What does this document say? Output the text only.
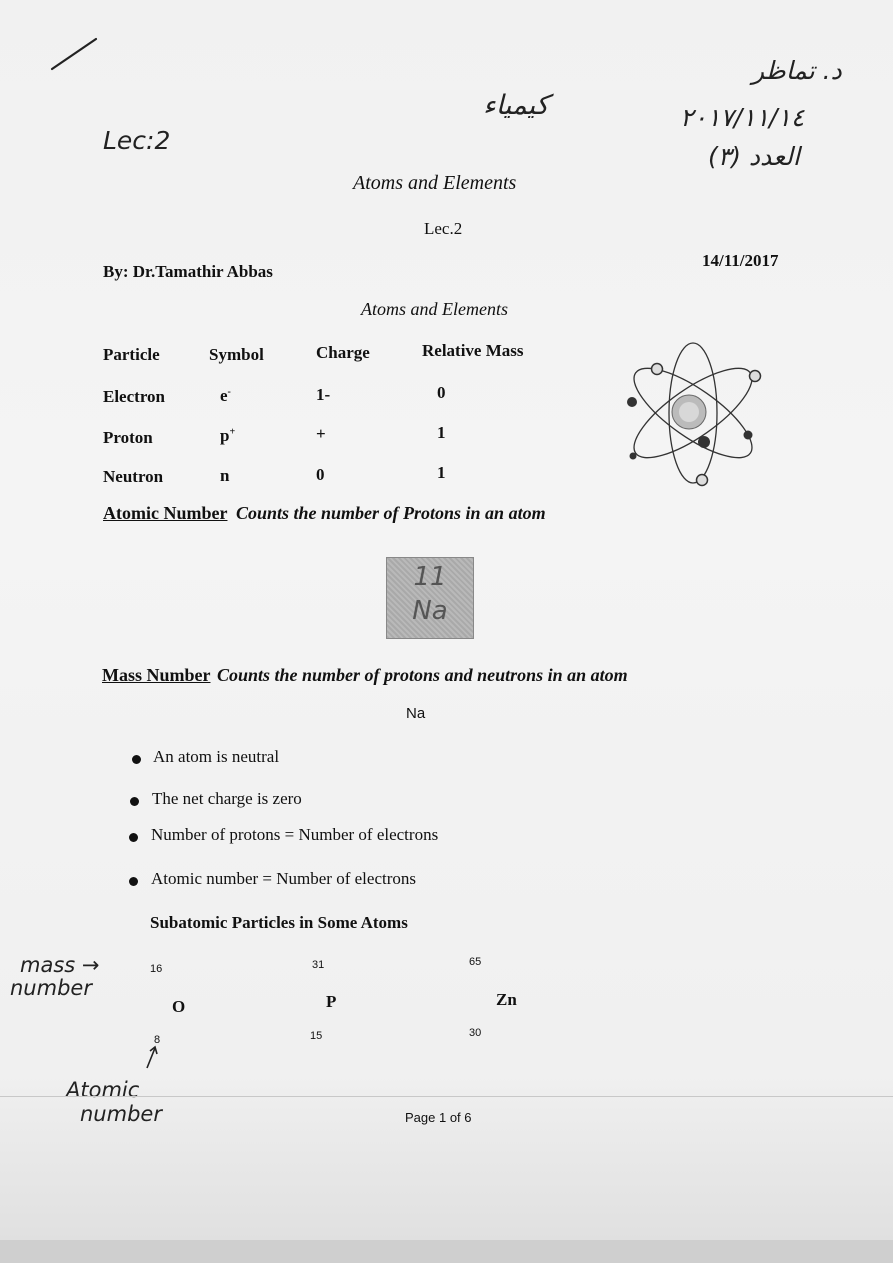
Lec:2
كيمياء
د. تماظر
٢٠١٧/١١/١٤
العدد (٣)
Atoms and Elements
Lec.2
By: Dr.Tamathir Abbas
14/11/2017
Atoms and Elements
Particle	Symbol	Charge	Relative Mass
Electron	e-	1-	0
Proton	p+	+	1
Neutron	n	0	1
Atomic Number Counts the number of Protons in an atom
11
Na
Mass Number Counts the number of protons and neutrons in an atom
Na
An atom is neutral
The net charge is zero
Number of protons = Number of electrons
Atomic number = Number of electrons
Subatomic Particles in Some Atoms
16
O
8
31
P
15
65
Zn
30
mass →
number
Atomic
number	Page 1 of 6
